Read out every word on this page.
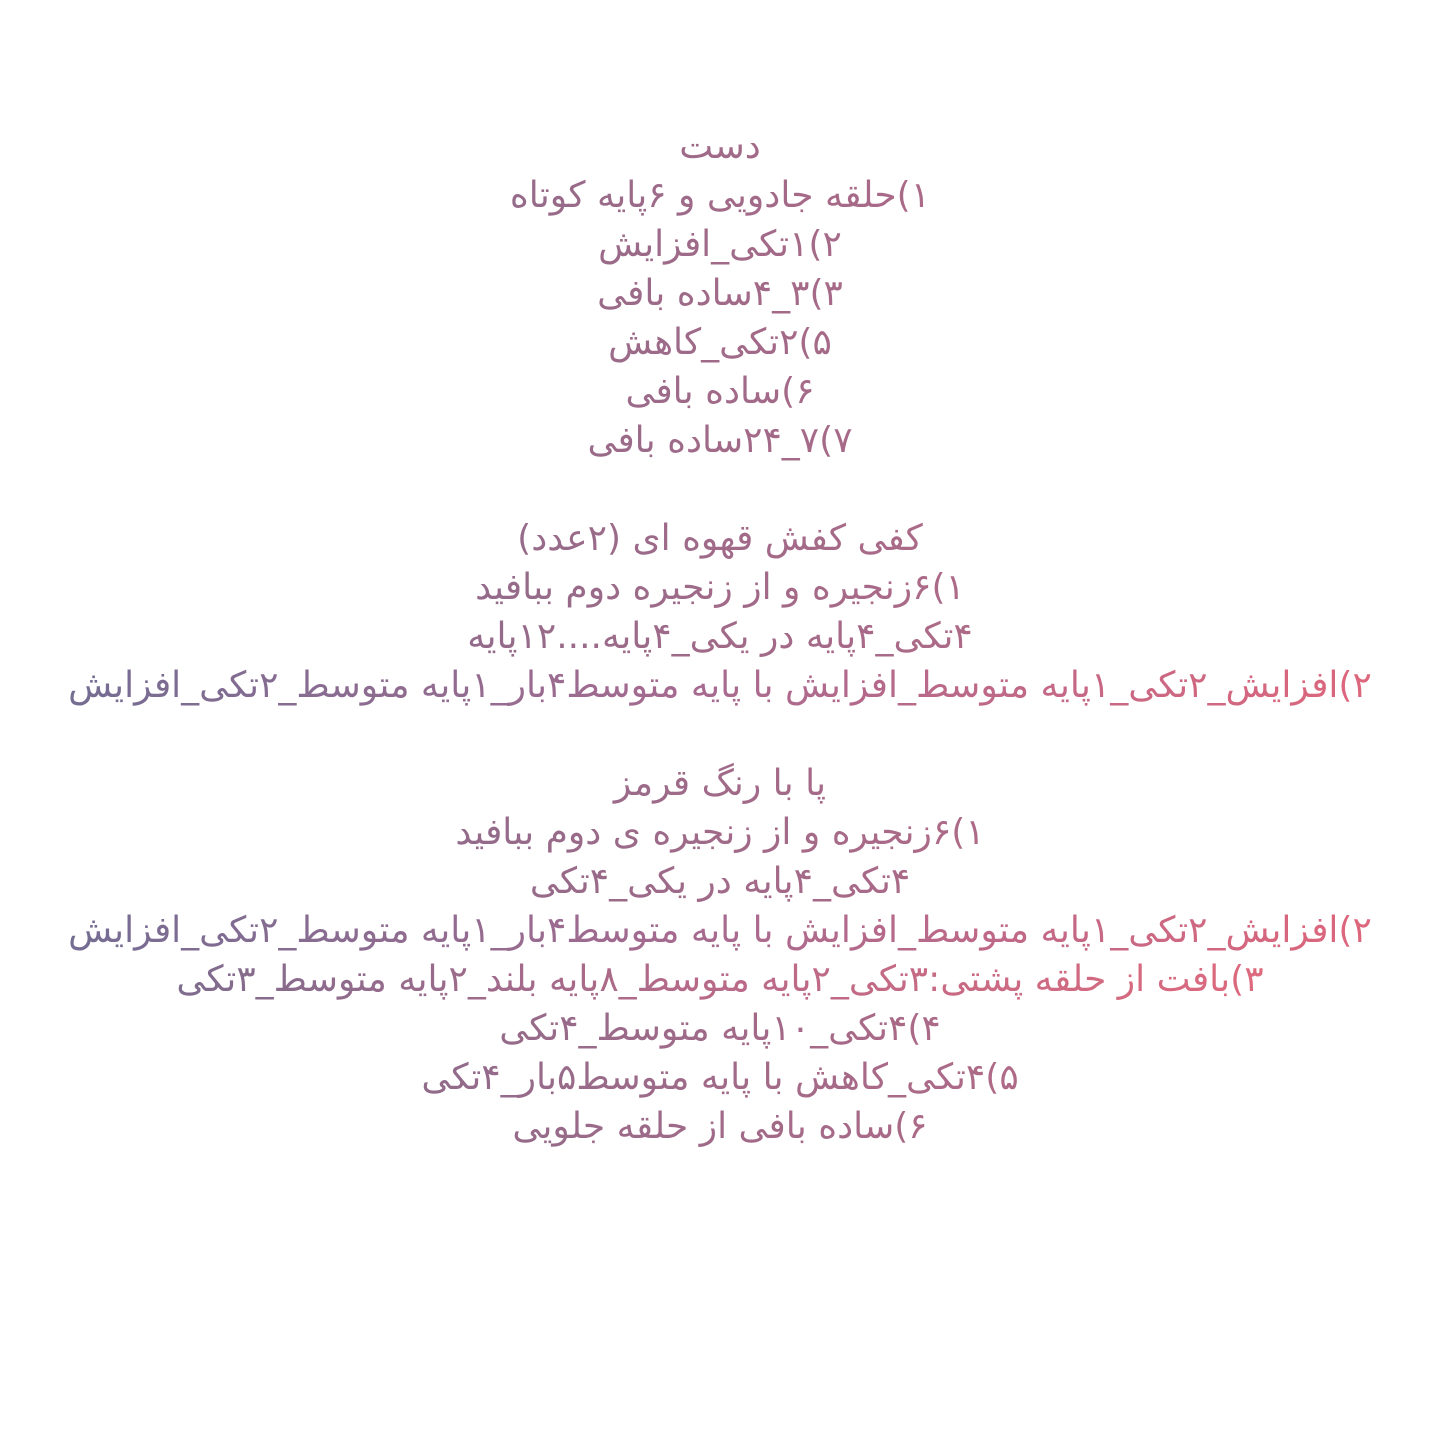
دست
۱)حلقه جادویی و ۶پایه کوتاه
۲)۱تکی_افزایش
۳)۳_۴ساده بافی
۵)۲تکی_کاهش
۶)ساده بافی
۷)۷_۲۴ساده بافی
کفی کفش قهوه ای (۲عدد)
۱)۶زنجیره و از زنجیره دوم ببافید
۴تکی_۴پایه در یکی_۴پایه....۱۲پایه
۲)افزایش_۲تکی_۱پایه متوسط_افزایش با پایه متوسط۴بار_۱پایه متوسط_۲تکی_افزایش
پا با رنگ قرمز
۱)۶زنجیره و از زنجیره ی دوم ببافید
۴تکی_۴پایه در یکی_۴تکی
۲)افزایش_۲تکی_۱پایه متوسط_افزایش با پایه متوسط۴بار_۱پایه متوسط_۲تکی_افزایش
۳)بافت از حلقه پشتی:۳تکی_۲پایه متوسط_۸پایه بلند_۲پایه متوسط_۳تکی
۴)۴تکی_۱۰پایه متوسط_۴تکی
۵)۴تکی_کاهش با پایه متوسط۵بار_۴تکی
۶)ساده بافی از حلقه جلویی
